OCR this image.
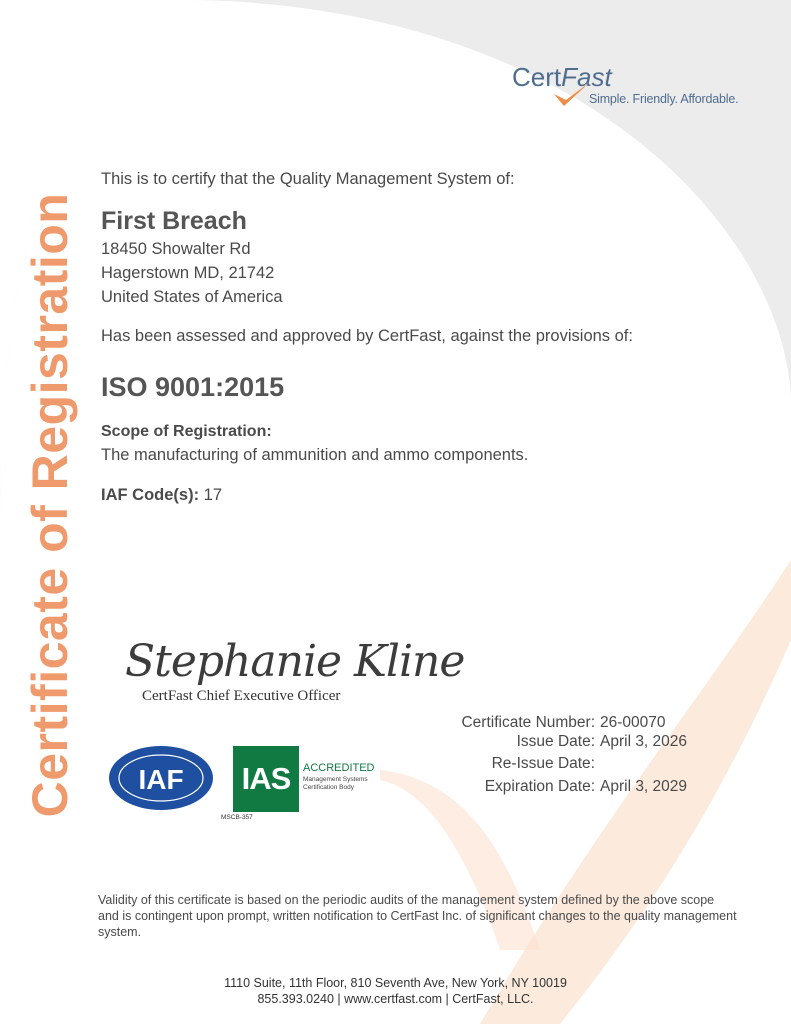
Certificate of Registration
CertFast
Simple. Friendly. Affordable.
This is to certify that the Quality Management System of:
First Breach
18450 Showalter Rd
Hagerstown MD, 21742
United States of America
Has been assessed and approved by CertFast, against the provisions of:
ISO 9001:2015
Scope of Registration:
The manufacturing of ammunition and ammo components.
IAF Code(s): 17
Stephanie Kline
CertFast Chief Executive Officer
Certificate Number: 26-00070
Issue Date: April 3, 2026
Re-Issue Date:
Expiration Date: April 3, 2029
IAF IAS	ACCREDITED
Management Systems
Certification Body
MSCB-357
Validity of this certificate is based on the periodic audits of the management system defined by the above scope and is contingent upon prompt, written notification to CertFast Inc. of significant changes to the quality management system.
1110 Suite, 11th Floor, 810 Seventh Ave, New York, NY 10019
855.393.0240 | www.certfast.com | CertFast, LLC.
